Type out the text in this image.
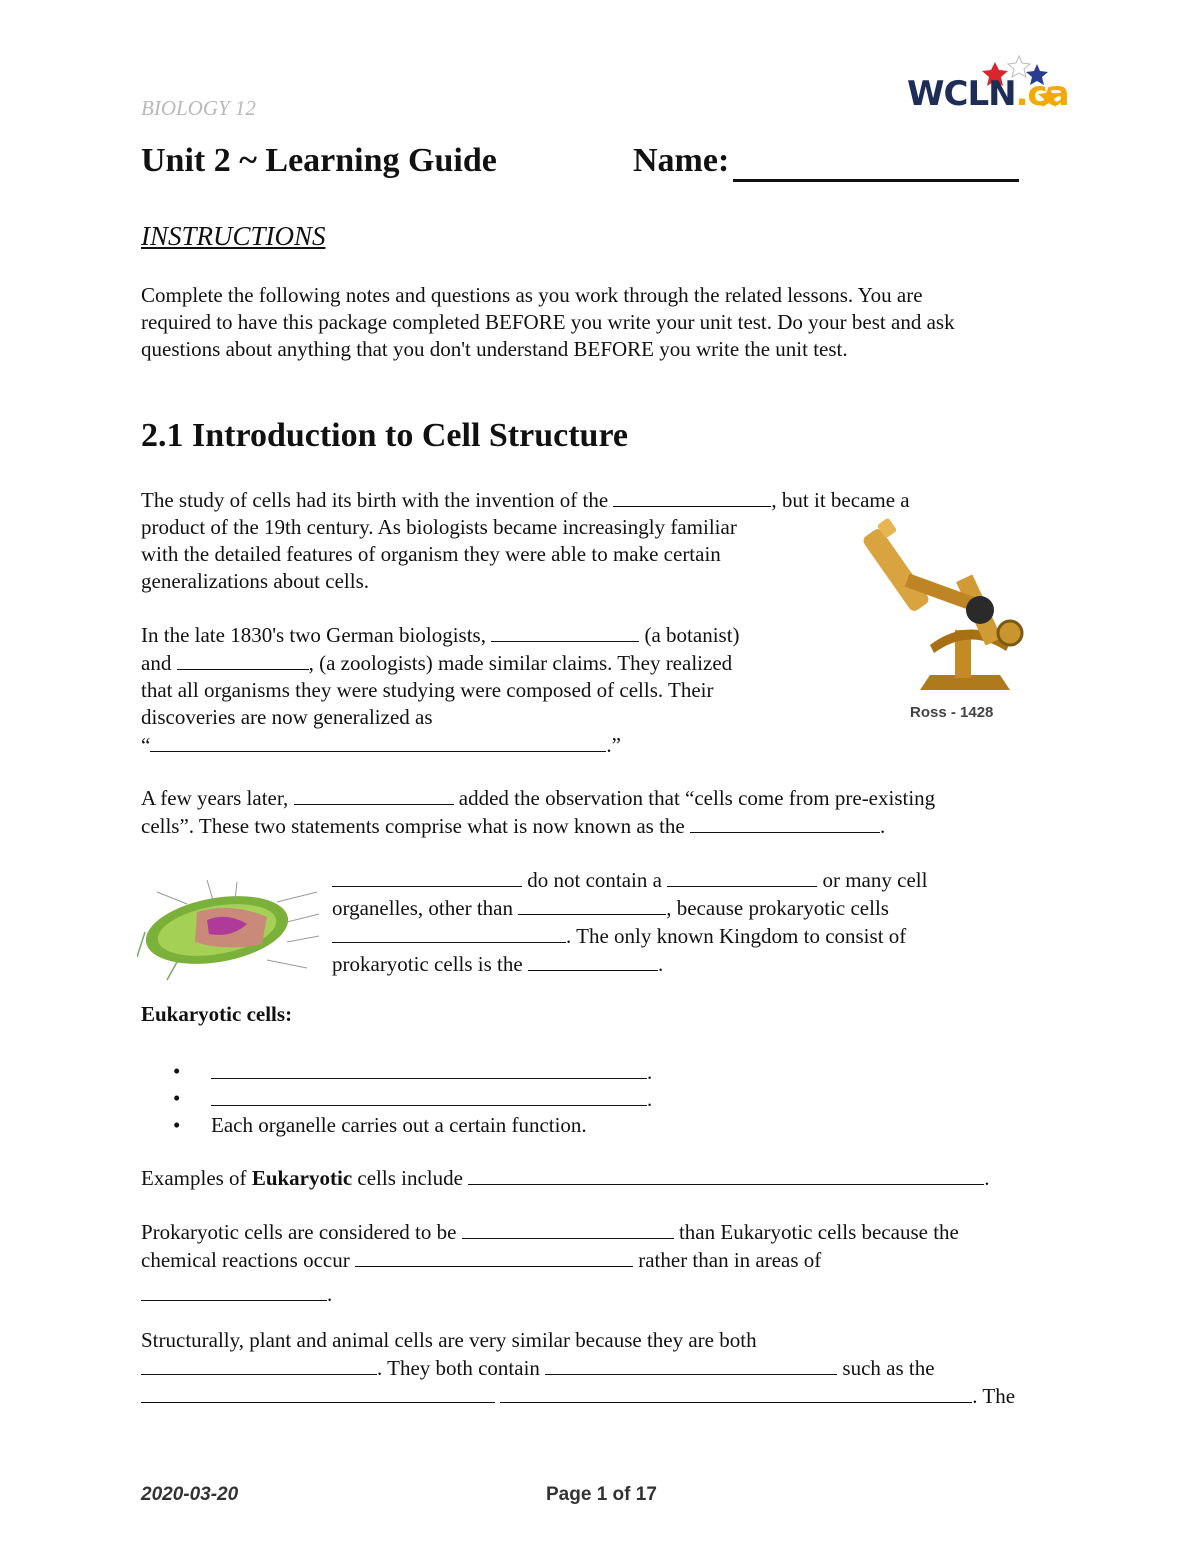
BIOLOGY 12	WCLN.ca
Unit 2 ~ Learning Guide	Name:
INSTRUCTIONS
Complete the following notes and questions as you work through the related lessons. You are
required to have this package completed BEFORE you write your unit test. Do your best and ask
questions about anything that you don't understand BEFORE you write the unit test.
2.1 Introduction to Cell Structure
The study of cells had its birth with the invention of the	, but it became a
product of the 19th century. As biologists became increasingly familiar
with the detailed features of organism they were able to make certain
generalizations about cells.
Ross - 1428
In the late 1830's two German biologists,	(a botanist)
and	, (a zoologists) made similar claims. They realized
that all organisms they were studying were composed of cells. Their
discoveries are now generalized as
“	.”
A few years later,	added the observation that “cells come from pre-existing
cells”. These two statements comprise what is now known as the	.
do not contain a	or many cell
organelles, other than	, because prokaryotic cells
. The only known Kingdom to consist of
prokaryotic cells is the	.
Eukaryotic cells:
• .
• .
• Each organelle carries out a certain function.
Examples of Eukaryotic cells include	.
Prokaryotic cells are considered to be	than Eukaryotic cells because the
chemical reactions occur	rather than in areas of
.
Structurally, plant and animal cells are very similar because they are both
. They both contain	such as the
. The
2020-03-20	Page 1 of 17
